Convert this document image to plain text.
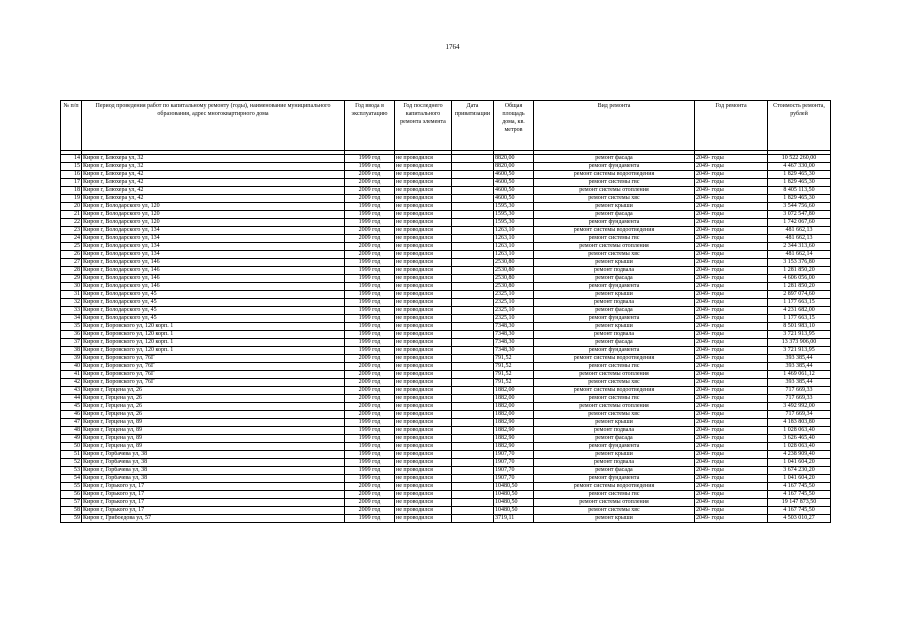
1764
№ п/п	Период проведения работ по капитальному ремонту (годы), наименование муниципального образования, адрес многоквартирного дома	Год ввода в эксплуатацию	Год последнего капитального ремонта элемента	Дата приватизации	Общая площадь дома, кв. метров	Вид ремонта	Год ремонта	Стоимость ремонта, рублей

14	Киров г, Блюхера ул, 32	1999 год	не проводился		8820,00	ремонт фасада	2049- годы	10 522 260,00
15	Киров г, Блюхера ул, 32	1999 год	не проводился		8820,00	ремонт фундамента	2049- годы	4 467 330,00
16	Киров г, Блюхера ул, 42	2009 год	не проводился		4600,50	ремонт системы водоотведения	2049- годы	1 829 465,30
17	Киров г, Блюхера ул, 42	2009 год	не проводился		4600,50	ремонт системы гвс	2049- годы	1 829 465,30
18	Киров г, Блюхера ул, 42	2009 год	не проводился		4600,50	ремонт системы отопления	2049- годы	8 405 113,50
19	Киров г, Блюхера ул, 42	2009 год	не проводился		4600,50	ремонт системы хвс	2049- годы	1 829 465,30
20	Киров г, Володарского ул, 120	1999 год	не проводился		1595,30	ремонт крыши	2049- годы	3 544 756,60
21	Киров г, Володарского ул, 120	1999 год	не проводился		1595,30	ремонт фасада	2049- годы	3 072 547,80
22	Киров г, Володарского ул, 120	1999 год	не проводился		1595,30	ремонт фундамента	2049- годы	1 742 067,60
23	Киров г, Володарского ул, 134	2009 год	не проводился		1263,10	ремонт системы водоотведения	2049- годы	481 662,13
24	Киров г, Володарского ул, 134	2009 год	не проводился		1263,10	ремонт системы гвс	2049- годы	481 662,13
25	Киров г, Володарского ул, 134	2009 год	не проводился		1263,10	ремонт системы отопления	2049- годы	2 344 313,60
26	Киров г, Володарского ул, 134	2009 год	не проводился		1263,10	ремонт системы хвс	2049- годы	481 662,14
27	Киров г, Володарского ул, 146	1999 год	не проводился		2530,80	ремонт крыши	2049- годы	3 153 376,80
28	Киров г, Володарского ул, 146	1999 год	не проводился		2530,80	ремонт подвала	2049- годы	1 281 850,20
29	Киров г, Володарского ул, 146	1999 год	не проводился		2530,80	ремонт фасада	2049- годы	4 606 056,00
30	Киров г, Володарского ул, 146	1999 год	не проводился		2530,80	ремонт фундамента	2049- годы	1 281 850,20
31	Киров г, Володарского ул, 45	1999 год	не проводился		2325,10	ремонт крыши	2049- годы	2 897 074,60
32	Киров г, Володарского ул, 45	1999 год	не проводился		2325,10	ремонт подвала	2049- годы	1 177 663,15
33	Киров г, Володарского ул, 45	1999 год	не проводился		2325,10	ремонт фасада	2049- годы	4 231 682,00
34	Киров г, Володарского ул, 45	1999 год	не проводился		2325,10	ремонт фундамента	2049- годы	1 177 663,15
35	Киров г, Воровского ул, 120 корп. 1	1999 год	не проводился		7348,30	ремонт крыши	2049- годы	8 501 983,10
36	Киров г, Воровского ул, 120 корп. 1	1999 год	не проводился		7348,30	ремонт подвала	2049- годы	3 721 913,95
37	Киров г, Воровского ул, 120 корп. 1	1999 год	не проводился		7348,30	ремонт фасада	2049- годы	13 373 906,00
38	Киров г, Воровского ул, 120 корп. 1	1999 год	не проводился		7348,30	ремонт фундамента	2049- годы	3 721 913,95
39	Киров г, Воровского ул, 76Г	2009 год	не проводился		791,52	ремонт системы водоотведения	2049- годы	393 385,44
40	Киров г, Воровского ул, 76Г	2009 год	не проводился		791,52	ремонт системы гвс	2049- годы	393 385,44
41	Киров г, Воровского ул, 76Г	2009 год	не проводился		791,52	ремонт системы отопления	2049- годы	1 469 061,12
42	Киров г, Воровского ул, 76Г	2009 год	не проводился		791,52	ремонт системы хвс	2049- годы	393 385,44
43	Киров г, Герцена ул, 26	2009 год	не проводился		1882,00	ремонт системы водоотведения	2049- годы	717 669,33
44	Киров г, Герцена ул, 26	2009 год	не проводился		1882,00	ремонт системы гвс	2049- годы	717 669,33
45	Киров г, Герцена ул, 26	2009 год	не проводился		1882,00	ремонт системы отопления	2049- годы	3 492 992,00
46	Киров г, Герцена ул, 26	2009 год	не проводился		1882,00	ремонт системы хвс	2049- годы	717 669,34
47	Киров г, Герцена ул, 89	1999 год	не проводился		1882,90	ремонт крыши	2049- годы	4 183 803,80
48	Киров г, Герцена ул, 89	1999 год	не проводился		1882,90	ремонт подвала	2049- годы	1 028 063,40
49	Киров г, Герцена ул, 89	1999 год	не проводился		1882,90	ремонт фасада	2049- годы	3 626 465,40
50	Киров г, Герцена ул, 89	1999 год	не проводился		1882,90	ремонт фундамента	2049- годы	1 028 063,40
51	Киров г, Горбачева ул, 38	1999 год	не проводился		1907,70	ремонт крыши	2049- годы	4 238 909,40
52	Киров г, Горбачева ул, 38	1999 год	не проводился		1907,70	ремонт подвала	2049- годы	1 041 604,20
53	Киров г, Горбачева ул, 38	1999 год	не проводился		1907,70	ремонт фасада	2049- годы	3 674 230,20
54	Киров г, Горбачева ул, 38	1999 год	не проводился		1907,70	ремонт фундамента	2049- годы	1 041 604,20
55	Киров г, Горького ул, 17	2009 год	не проводился		10480,50	ремонт системы водоотведения	2049- годы	4 167 745,50
56	Киров г, Горького ул, 17	2009 год	не проводился		10480,50	ремонт системы гвс	2049- годы	4 167 745,50
57	Киров г, Горького ул, 17	2009 год	не проводился		10480,50	ремонт системы отопления	2049- годы	19 147 873,50
58	Киров г, Горького ул, 17	2009 год	не проводился		10480,50	ремонт системы хвс	2049- годы	4 167 745,50
59	Киров г, Грибоедова ул, 57	1999 год	не проводился		3719,11	ремонт крыши	2049- годы	4 503 010,27
